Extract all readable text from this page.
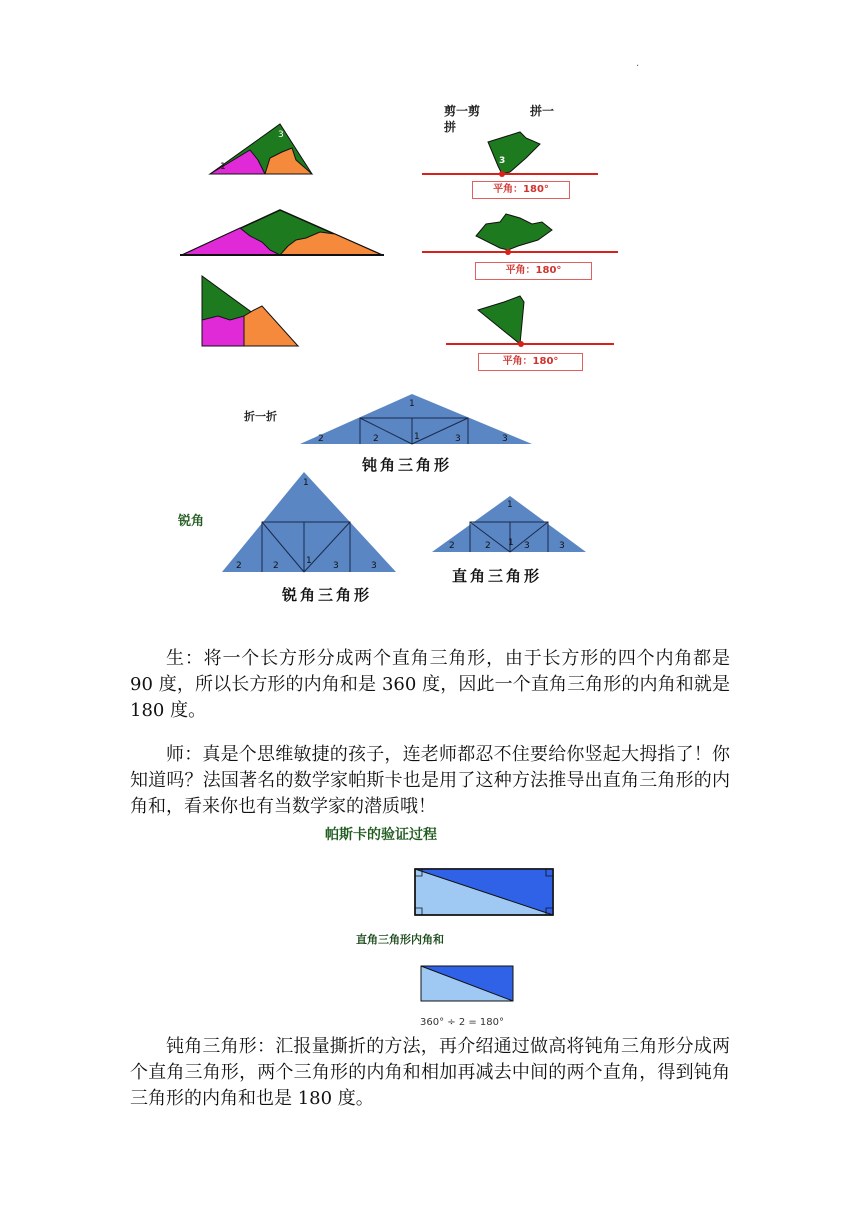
.
3
1
剪一剪	拼一
拼
3
平角：180°
平角：180°
平角：180°
折一折
1
2	2	1	3	3
钝角三角形
锐角
1
2	2	1 3	3
锐角三角形
1
2	2 1 3	3
直角三角形

生：将一个长方形分成两个直角三角形，由于长方形的四个内角都是 90 度，所以长方形的内角和是 360 度，因此一个直角三角形的内角和就是 180 度。

师：真是个思维敏捷的孩子，连老师都忍不住要给你竖起大拇指了！你知道吗？法国著名的数学家帕斯卡也是用了这种方法推导出直角三角形的内角和，看来你也有当数学家的潜质哦！

帕斯卡的验证过程
直角三角形内角和
360° ÷ 2 = 180°

钝角三角形：汇报量撕折的方法，再介绍通过做高将钝角三角形分成两个直角三角形，两个三角形的内角和相加再减去中间的两个直角，得到钝角三角形的内角和也是 180 度。
